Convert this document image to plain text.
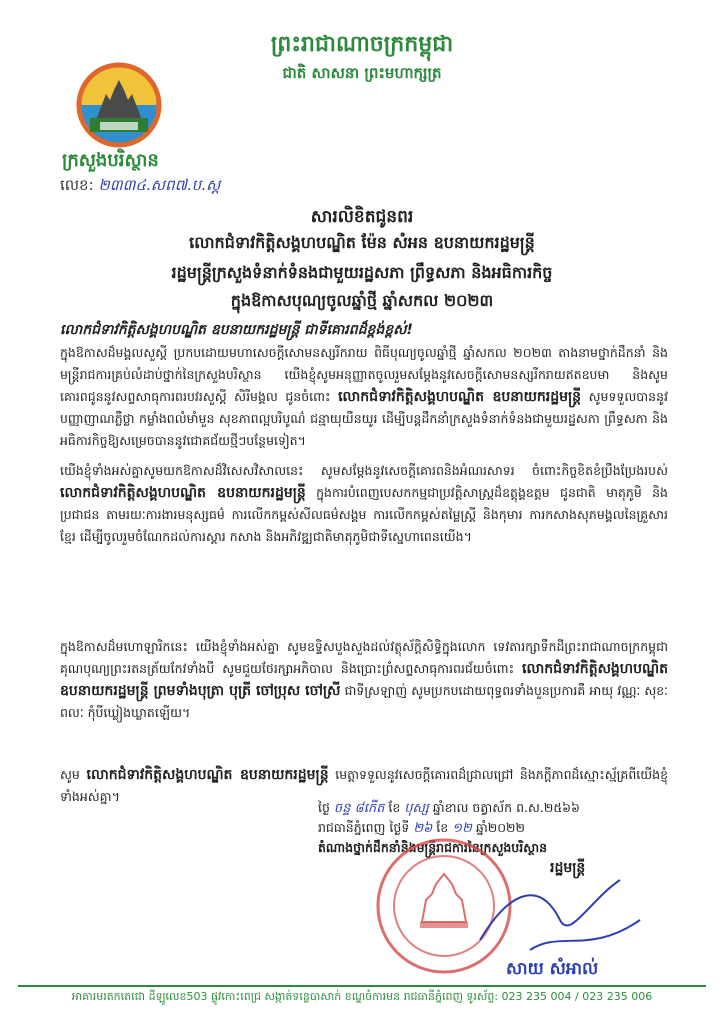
ព្រះរាជាណាចក្រកម្ពុជា
ជាតិ សាសនា ព្រះមហាក្សត្រ
ក្រសួងបរិស្ថាន
លេខ: ២៣៣៤.សព៧.ប.ស្ត
សារលិខិតជូនពរ
លោកជំទាវកិត្តិសង្គហបណ្ឌិត ម៉ែន សំអន ឧបនាយករដ្ឋមន្ត្រី
រដ្ឋមន្ត្រីក្រសួងទំនាក់ទំនងជាមួយរដ្ឋសភា ព្រឹទ្ធសភា និងអធិការកិច្ច
ក្នុងឱកាសបុណ្យចូលឆ្នាំថ្មី ឆ្នាំសកល ២០២៣
លោកជំទាវកិត្តិសង្គហបណ្ឌិត ឧបនាយករដ្ឋមន្ត្រី ជាទីគោរពដ៏ខ្ពង់ខ្ពស់!
ក្នុងឱកាសដ៏មង្គលសួស្តី ប្រកបដោយមហាសេចក្តីសោមនស្សរីករាយ ពិធីបុណ្យចូលឆ្នាំថ្មី ឆ្នាំសកល ២០២៣ តាងនាមថ្នាក់ដឹកនាំ និងមន្ត្រីរាជការគ្រប់លំដាប់ថ្នាក់នៃក្រសួងបរិស្ថាន យើងខ្ញុំសូមអនុញ្ញាតចូលរួមសម្តែងនូវសេចក្តីសោមនស្សរីករាយឥតឧបមា និងសូមគោរពជូននូវសព្ទសាធុការពរបវរសួស្តី សិរីមង្គល ជូនចំពោះ លោកជំទាវកិត្តិសង្គហបណ្ឌិត ឧបនាយករដ្ឋមន្ត្រី សូមទទួលបាននូវបញ្ញាញាណភ្លឺថ្លា កម្លាំងពលំមាំមួន សុខភាពល្អបរិបូណ៌ ជន្មាយុយឺនយូរ ដើម្បីបន្តដឹកនាំក្រសួងទំនាក់ទំនងជាមួយរដ្ឋសភា ព្រឹទ្ធសភា និងអធិការកិច្ចឱ្យសម្រេចបាននូវជោគជ័យថ្មីៗបន្ថែមទៀត។
យើងខ្ញុំទាំងអស់គ្នាសូមយកឱកាសដ៏វិសេសវិសាលនេះ សូមសម្តែងនូវសេចក្តីគោរពនិងអំណរសាទរ ចំពោះកិច្ចខិតខំប្រឹងប្រែងរបស់ លោកជំទាវកិត្តិសង្គហបណ្ឌិត ឧបនាយករដ្ឋមន្ត្រី ក្នុងការបំពេញបេសកកម្មជាប្រវត្តិសាស្ត្រដ៏ឧត្តុង្គឧត្តម ជូនជាតិ មាតុភូមិ និងប្រជាជន តាមរយៈការងារមនុស្សធម៌ ការលើកកម្ពស់សីលធម៌សង្គម ការលើកកម្ពស់តម្លៃស្ត្រី និងកុមារ ការកសាងសុភមង្គលនៃគ្រួសារខ្មែរ ដើម្បីចូលរួមចំណែកដល់ការស្តារ កសាង និងអភិវឌ្ឍជាតិមាតុភូមិជាទីស្នេហាពេនយើង។
ក្នុងឱកាសដ៏មហោឡារិកនេះ យើងខ្ញុំទាំងអស់គ្នា សូមឧទ្ទិសបួងសួងដល់វត្ថុស័ក្តិសិទ្ធិក្នុងលោក ទេវតារក្សាទឹកដីព្រះរាជាណាចក្រកម្ពុជា គុណបុណ្យព្រះរតនត្រ័យកែវទាំងបី សូមជួយថែរក្សាអភិបាល និងប្រោះព្រំសព្ទសាធុការពរជ័យចំពោះ លោកជំទាវកិត្តិសង្គហបណ្ឌិត ឧបនាយករដ្ឋមន្ត្រី ព្រមទាំងបុត្រា បុត្រី ចៅប្រុស ចៅស្រី ជាទីស្រឡាញ់ សូមប្រកបដោយពុទ្ធពរទាំងបួនប្រការគឺ អាយុ វណ្ណៈ សុខៈ ពលៈ កុំបីឃ្លៀងឃ្លាតឡើយ។
សូម លោកជំទាវកិត្តិសង្គហបណ្ឌិត ឧបនាយករដ្ឋមន្ត្រី មេត្តាទទួលនូវសេចក្តីគោរពដ៏ជ្រាលជ្រៅ និងភក្តីភាពដ៏ស្មោះស្ម័គ្រពីយើងខ្ញុំទាំងអស់គ្នា។
ថ្ងៃ ចន្ទ ៨កើត ខែ បុស្ស ឆ្នាំខាល ចត្វាស័ក ព.ស.២៥៦៦
រាជធានីភ្នំពេញ ថ្ងៃទី ២៦ ខែ ១២ ឆ្នាំ២០២២
តំណាងថ្នាក់ដឹកនាំនិងមន្ត្រីរាជការនៃក្រសួងបរិស្ថាន
រដ្ឋមន្ត្រី
សាយ សំអាល់
អាគារមរតកតេជោ ដីឡូលេខ503 ផ្លូវកោះពេជ្រ សង្កាត់ទន្លេបាសាក់ ខណ្ឌចំការមន រាជធានីភ្នំពេញ ទូរស័ព្ទ: 023 235 004 / 023 235 006
